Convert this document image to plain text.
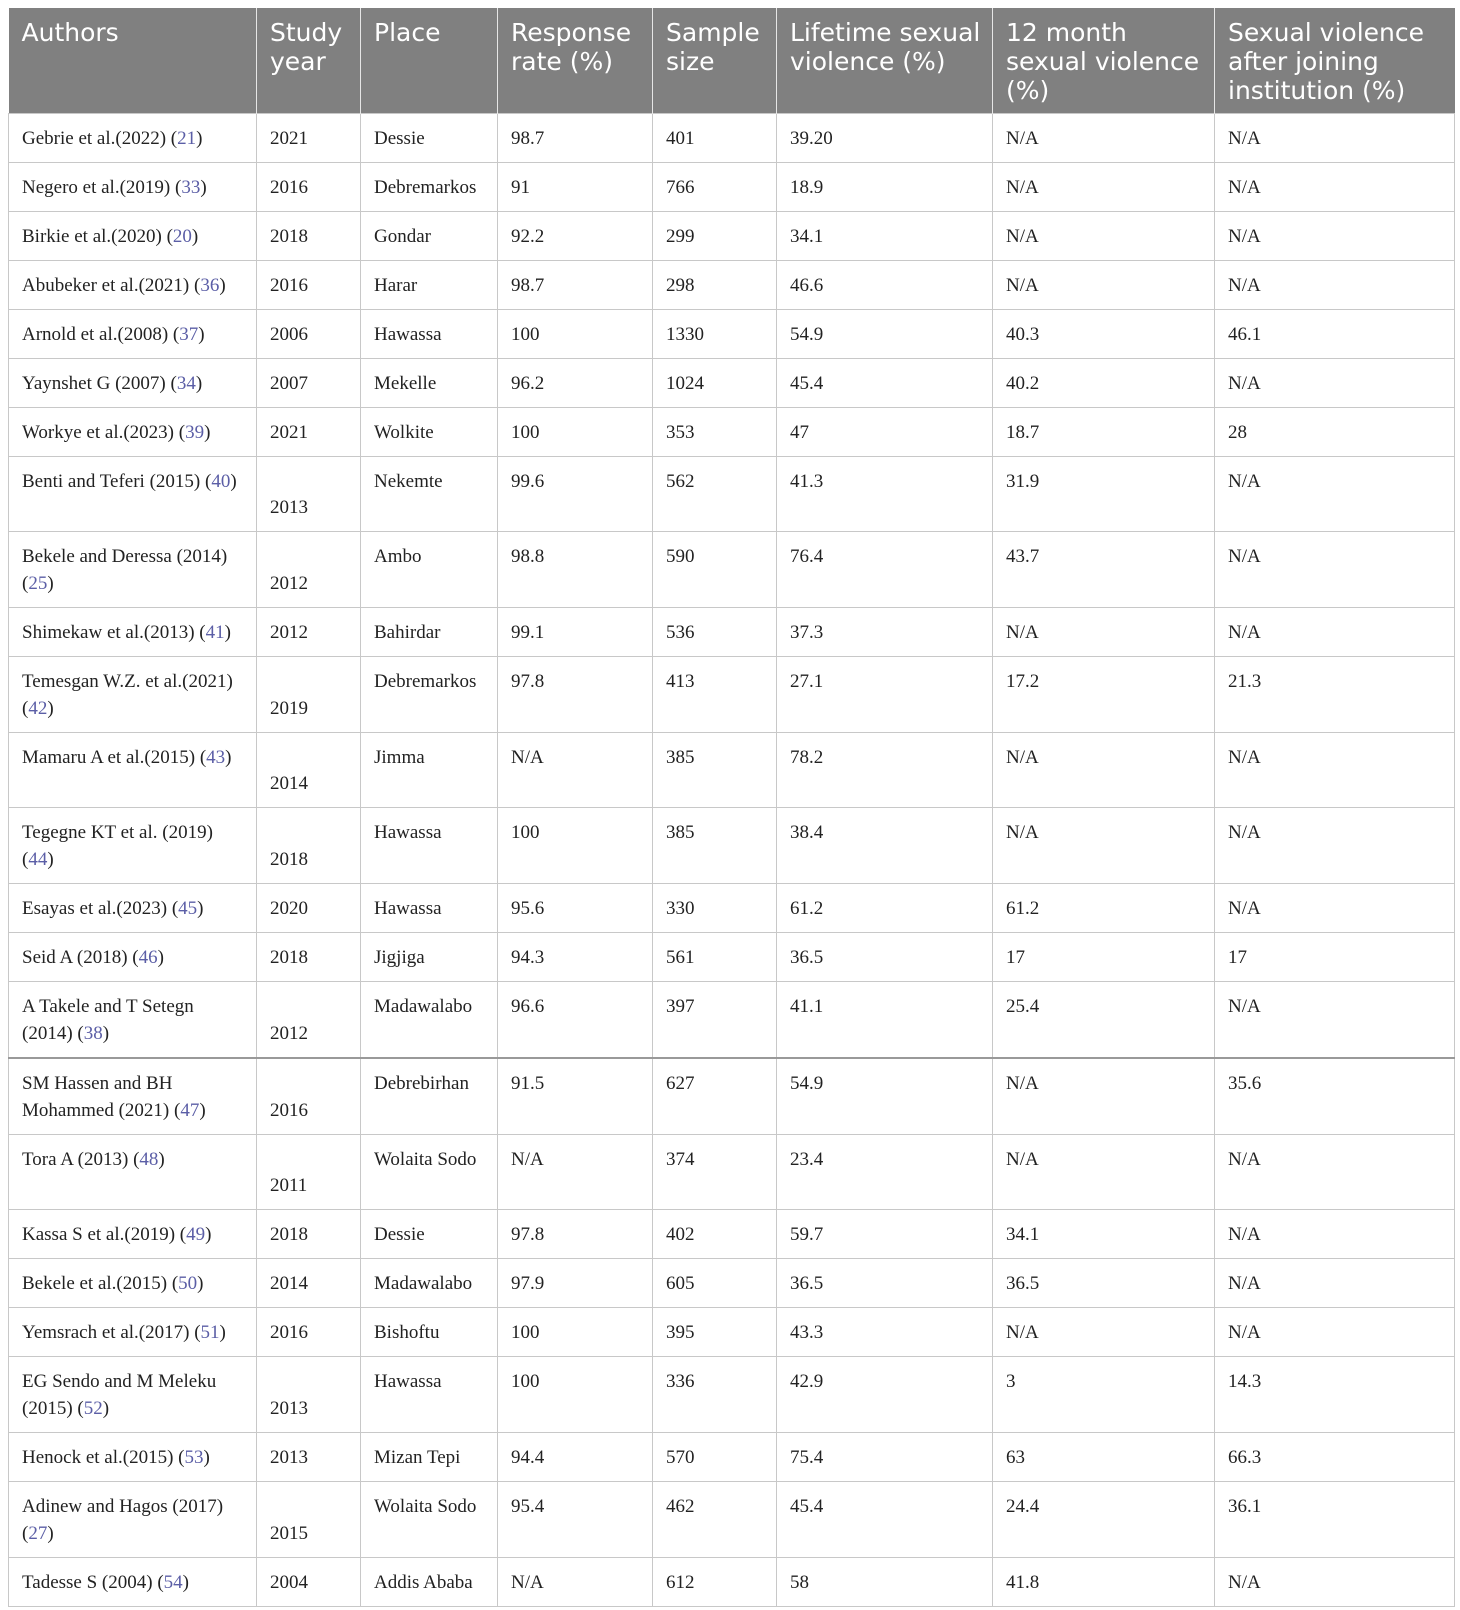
Authors	Study year	Place	Response rate (%)	Sample size	Lifetime sexual violence (%)	12 month sexual violence (%)	Sexual violence after joining institution (%)
Gebrie et al.(2022) (21)	2021	Dessie	98.7	401	39.20	N/A	N/A
Negero et al.(2019) (33)	2016	Debremarkos	91	766	18.9	N/A	N/A
Birkie et al.(2020) (20)	2018	Gondar	92.2	299	34.1	N/A	N/A
Abubeker et al.(2021) (36)	2016	Harar	98.7	298	46.6	N/A	N/A
Arnold et al.(2008) (37)	2006	Hawassa	100	1330	54.9	40.3	46.1
Yaynshet G (2007) (34)	2007	Mekelle	96.2	1024	45.4	40.2	N/A
Workye et al.(2023) (39)	2021	Wolkite	100	353	47	18.7	28
Benti and Teferi (2015) (40)	2013	Nekemte	99.6	562	41.3	31.9	N/A
Bekele and Deressa (2014) (25)	2012	Ambo	98.8	590	76.4	43.7	N/A
Shimekaw et al.(2013) (41)	2012	Bahirdar	99.1	536	37.3	N/A	N/A
Temesgan W.Z. et al.(2021) (42)	2019	Debremarkos	97.8	413	27.1	17.2	21.3
Mamaru A et al.(2015) (43)	2014	Jimma	N/A	385	78.2	N/A	N/A
Tegegne KT et al. (2019) (44)	2018	Hawassa	100	385	38.4	N/A	N/A
Esayas et al.(2023) (45)	2020	Hawassa	95.6	330	61.2	61.2	N/A
Seid A (2018) (46)	2018	Jigjiga	94.3	561	36.5	17	17
A Takele and T Setegn (2014) (38)	2012	Madawalabo	96.6	397	41.1	25.4	N/A
SM Hassen and BH Mohammed (2021) (47)	2016	Debrebirhan	91.5	627	54.9	N/A	35.6
Tora A (2013) (48)	2011	Wolaita Sodo	N/A	374	23.4	N/A	N/A
Kassa S et al.(2019) (49)	2018	Dessie	97.8	402	59.7	34.1	N/A
Bekele et al.(2015) (50)	2014	Madawalabo	97.9	605	36.5	36.5	N/A
Yemsrach et al.(2017) (51)	2016	Bishoftu	100	395	43.3	N/A	N/A
EG Sendo and M Meleku (2015) (52)	2013	Hawassa	100	336	42.9	3	14.3
Henock et al.(2015) (53)	2013	Mizan Tepi	94.4	570	75.4	63	66.3
Adinew and Hagos (2017) (27)	2015	Wolaita Sodo	95.4	462	45.4	24.4	36.1
Tadesse S (2004) (54)	2004	Addis Ababa	N/A	612	58	41.8	N/A
